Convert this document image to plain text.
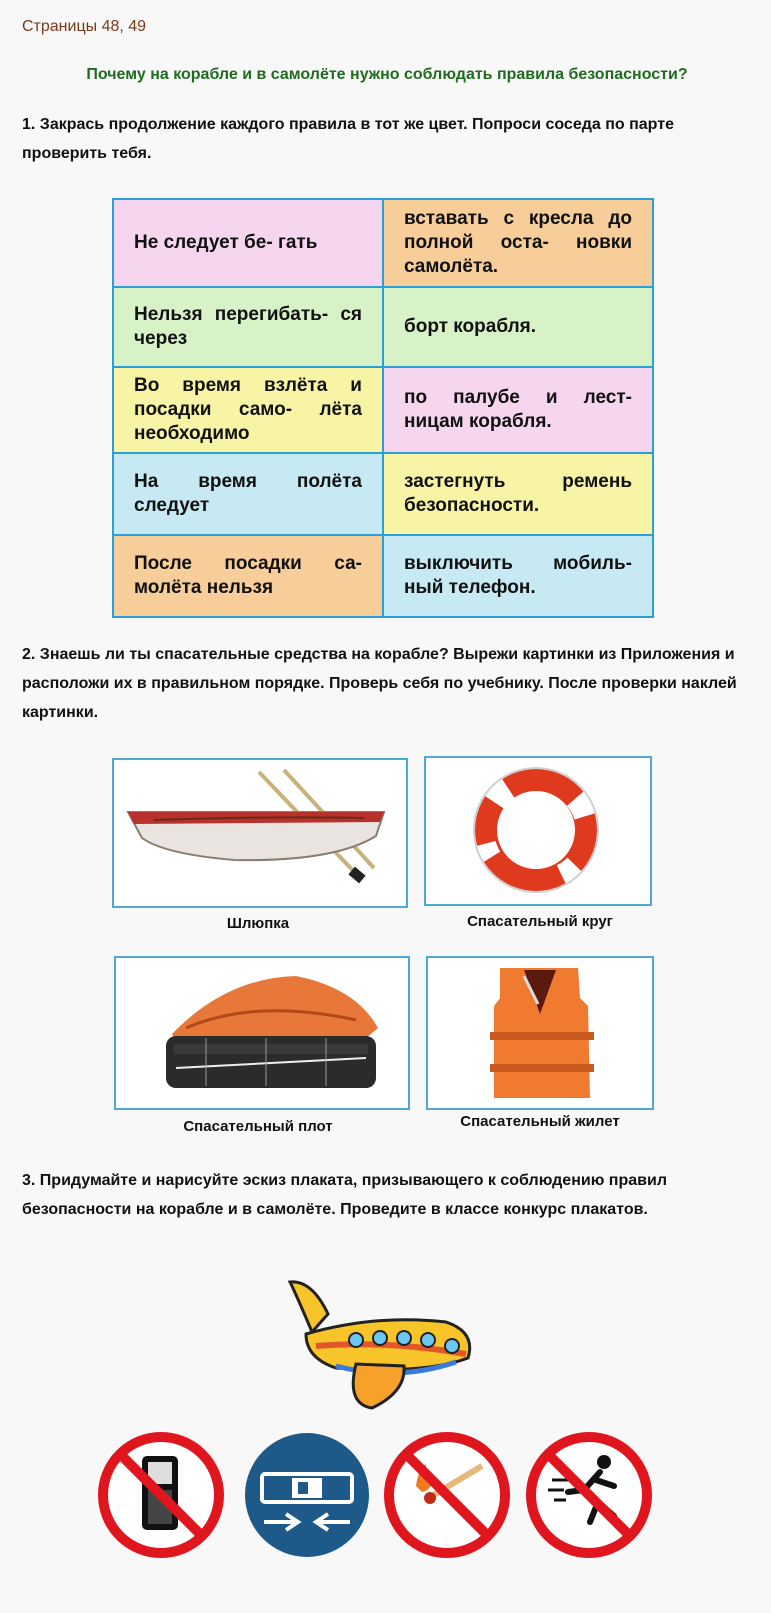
Страницы 48, 49
Почему на корабле и в самолёте нужно соблюдать правила безопасности?
1. Закрась продолжение каждого правила в тот же цвет. Попроси соседа по парте проверить тебя.
Не следует бе- гать
вставать с кресла до полной оста- новки самолёта.
Нельзя перегибать- ся через
борт корабля.
Во время взлёта и посадки само- лёта необходимо
по палубе и лест- ницам корабля.
На время полёта следует
застегнуть ремень безопасности.
После посадки са- молёта нельзя
выключить мобиль- ный телефон.
2. Знаешь ли ты спасательные средства на корабле? Вырежи картинки из Приложения и расположи их в правильном порядке. Проверь себя по учебнику. После проверки наклей картинки.
Шлюпка	Спасательный круг
Спасательный плот	Спасательный жилет
3. Придумайте и нарисуйте эскиз плаката, призывающего к соблюдению правил безопасности на корабле и в самолёте. Проведите в классе конкурс плакатов.
